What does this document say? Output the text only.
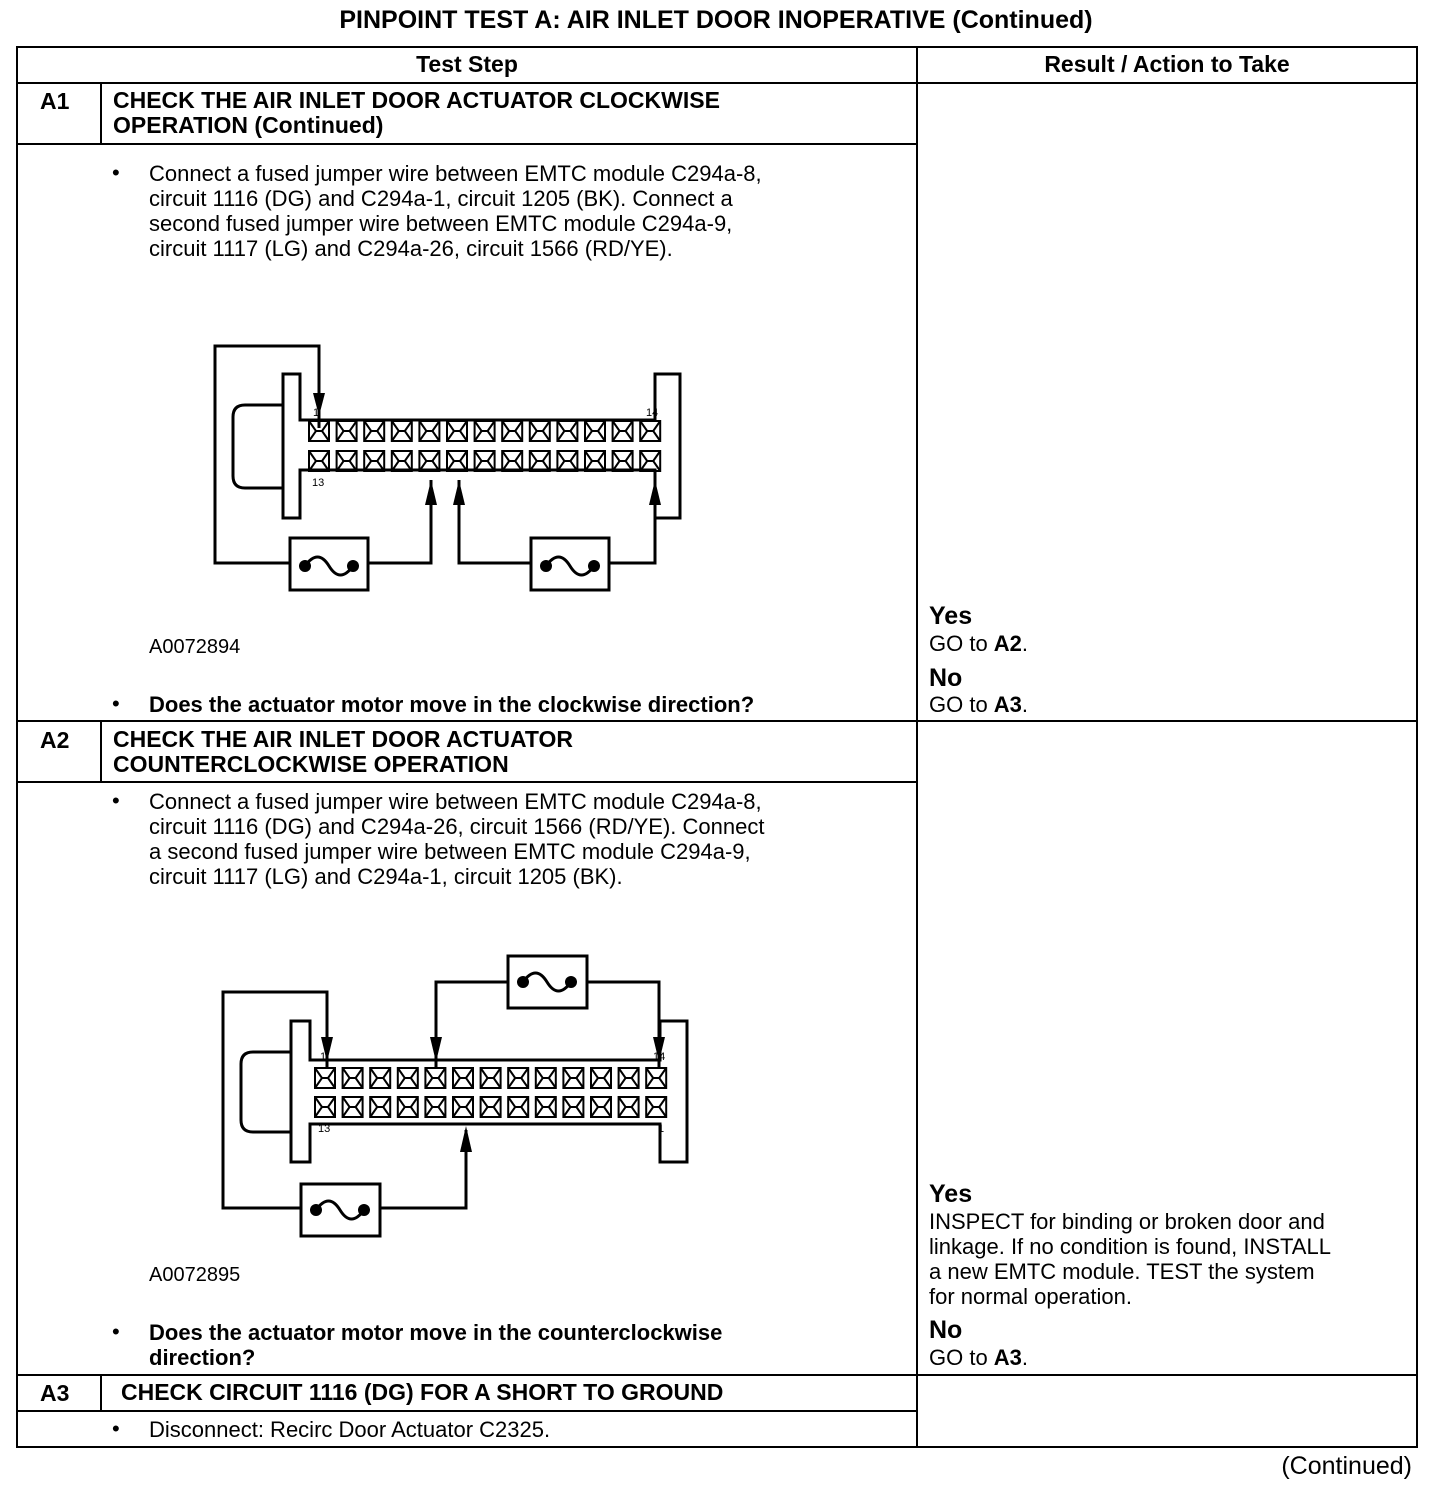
PINPOINT TEST A: AIR INLET DOOR INOPERATIVE (Continued)
Test Step	Result / Action to Take
A1 CHECK THE AIR INLET DOOR ACTUATOR CLOCKWISE
OPERATION (Continued)
• Connect a fused jumper wire between EMTC module C294a-8,
circuit 1116 (DG) and C294a-1, circuit 1205 (BK). Connect a
second fused jumper wire between EMTC module C294a-9,
circuit 1117 (LG) and C294a-26, circuit 1566 (RD/YE).
1	14
13
A0072894
• Does the actuator motor move in the clockwise direction?
Yes
GO to A2.
No
GO to A3.
A2 CHECK THE AIR INLET DOOR ACTUATOR
COUNTERCLOCKWISE OPERATION
• Connect a fused jumper wire between EMTC module C294a-8,
circuit 1116 (DG) and C294a-26, circuit 1566 (RD/YE). Connect
a second fused jumper wire between EMTC module C294a-9,
circuit 1117 (LG) and C294a-1, circuit 1205 (BK).
1	14
13	1
A0072895
• Does the actuator motor move in the counterclockwise
direction?
Yes
INSPECT for binding or broken door and
linkage. If no condition is found, INSTALL
a new EMTC module. TEST the system
for normal operation.
No
GO to A3.
A3 CHECK CIRCUIT 1116 (DG) FOR A SHORT TO GROUND
• Disconnect: Recirc Door Actuator C2325.
(Continued)
